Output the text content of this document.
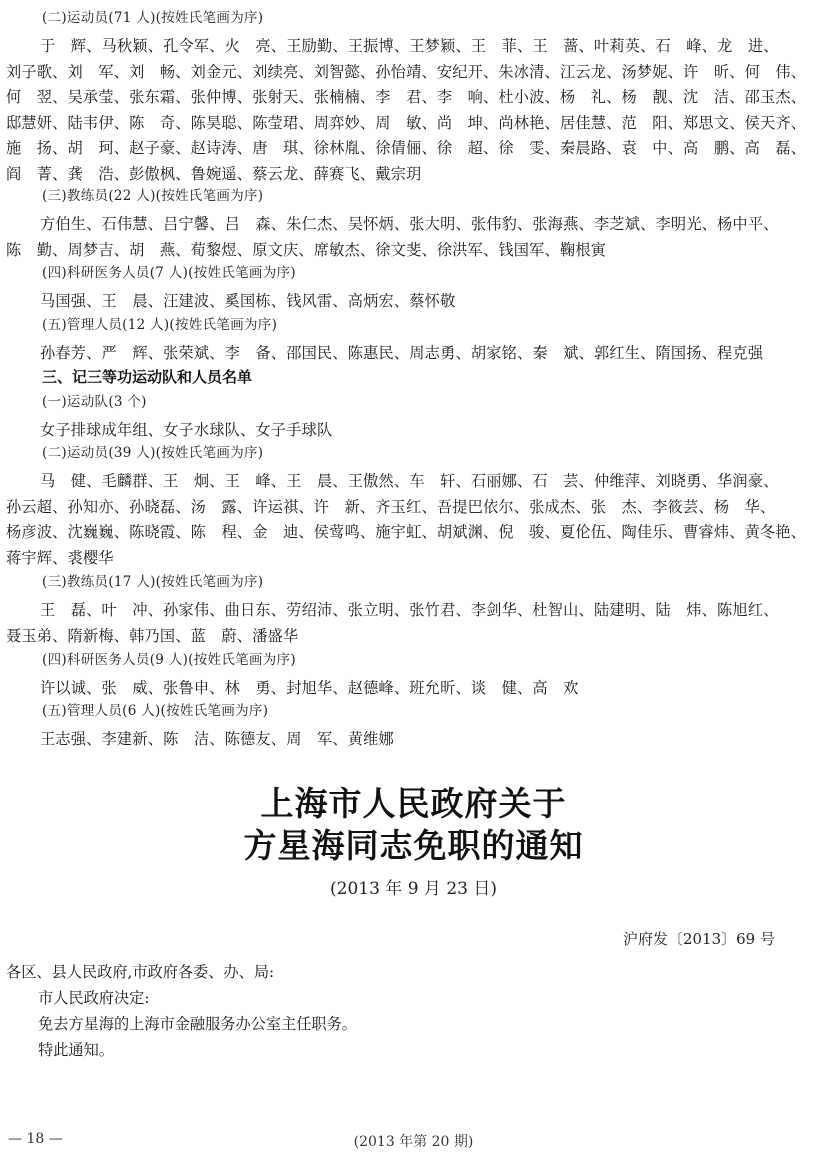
(二)运动员(71 人)(按姓氏笔画为序)
于　辉、马秋颖、孔令军、火　亮、王励勤、王振博、王梦颖、王　菲、王　蔷、叶莉英、石　峰、龙　进、
刘子歌、刘　军、刘　畅、刘金元、刘续亮、刘智懿、孙怡靖、安纪开、朱冰清、江云龙、汤梦妮、许　昕、何　伟、
何　翌、吴承莹、张东霜、张仲博、张射天、张楠楠、李　君、李　响、杜小波、杨　礼、杨　靓、沈　洁、邵玉杰、
邸慧妍、陆韦伊、陈　奇、陈昊聪、陈莹珺、周弈妙、周　敏、尚　坤、尚林艳、居佳慧、范　阳、郑思文、侯天齐、
施　扬、胡　珂、赵子豪、赵诗涛、唐　琪、徐林胤、徐倩俪、徐　超、徐　雯、秦晨路、袁　中、高　鹏、高　磊、
阎　菁、龚　浩、彭傲枫、鲁婉遥、蔡云龙、薛赛飞、戴宗玥
(三)教练员(22 人)(按姓氏笔画为序)
方伯生、石伟慧、吕宁馨、吕　森、朱仁杰、吴怀炳、张大明、张伟豹、张海燕、李芝斌、李明光、杨中平、
陈　勤、周梦吉、胡　燕、荀黎煜、原文庆、席敏杰、徐文斐、徐洪军、钱国军、鞠根寅
(四)科研医务人员(7 人)(按姓氏笔画为序)
马国强、王　晨、汪建波、奚国栋、钱风雷、高炳宏、蔡怀敬
(五)管理人员(12 人)(按姓氏笔画为序)
孙春芳、严　辉、张荣斌、李　备、邵国民、陈惠民、周志勇、胡家铭、秦　斌、郭红生、隋国扬、程克强
三、记三等功运动队和人员名单
(一)运动队(3 个)
女子排球成年组、女子水球队、女子手球队
(二)运动员(39 人)(按姓氏笔画为序)
马　健、毛麟群、王　炯、王　峰、王　晨、王傲然、车　轩、石丽娜、石　芸、仲维萍、刘晓勇、华润豪、
孙云超、孙知亦、孙晓磊、汤　露、许运祺、许　新、齐玉红、吾提巴依尔、张成杰、张　杰、李筱芸、杨　华、
杨彦波、沈巍巍、陈晓霞、陈　程、金　迪、侯莺鸣、施宇虹、胡斌渊、倪　骏、夏伦伍、陶佳乐、曹睿炜、黄冬艳、
蒋宇辉、裘樱华
(三)教练员(17 人)(按姓氏笔画为序)
王　磊、叶　冲、孙家伟、曲日东、劳绍沛、张立明、张竹君、李剑华、杜智山、陆建明、陆　炜、陈旭红、
聂玉弟、隋新梅、韩乃国、蓝　蔚、潘盛华
(四)科研医务人员(9 人)(按姓氏笔画为序)
许以诚、张　威、张鲁申、林　勇、封旭华、赵德峰、班允昕、谈　健、高　欢
(五)管理人员(6 人)(按姓氏笔画为序)
王志强、李建新、陈　洁、陈德友、周　军、黄维娜
上海市人民政府关于
方星海同志免职的通知
(2013 年 9 月 23 日)
沪府发〔2013〕69 号
各区、县人民政府,市政府各委、办、局:
市人民政府决定:
免去方星海的上海市金融服务办公室主任职务。
特此通知。
— 18 —	(2013 年第 20 期)
